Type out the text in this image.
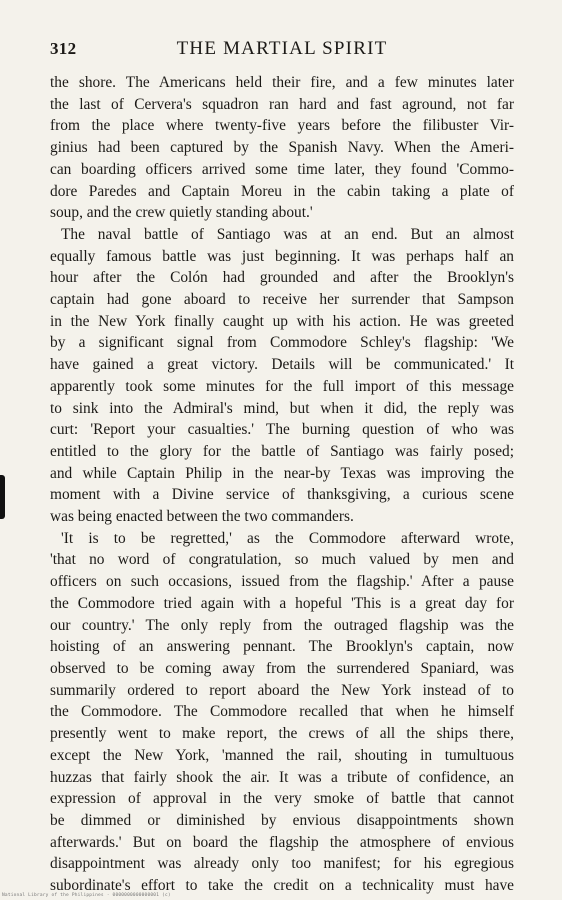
312	THE MARTIAL SPIRIT
the shore. The Americans held their fire, and a few minutes later
the last of Cervera's squadron ran hard and fast aground, not far
from the place where twenty-five years before the filibuster Vir-
ginius had been captured by the Spanish Navy. When the Ameri-
can boarding officers arrived some time later, they found 'Commo-
dore Paredes and Captain Moreu in the cabin taking a plate of
soup, and the crew quietly standing about.'
The naval battle of Santiago was at an end. But an almost
equally famous battle was just beginning. It was perhaps half an
hour after the Colón had grounded and after the Brooklyn's
captain had gone aboard to receive her surrender that Sampson
in the New York finally caught up with his action. He was greeted
by a significant signal from Commodore Schley's flagship: 'We
have gained a great victory. Details will be communicated.' It
apparently took some minutes for the full import of this message
to sink into the Admiral's mind, but when it did, the reply was
curt: 'Report your casualties.' The burning question of who was
entitled to the glory for the battle of Santiago was fairly posed;
and while Captain Philip in the near-by Texas was improving the
moment with a Divine service of thanksgiving, a curious scene
was being enacted between the two commanders.
'It is to be regretted,' as the Commodore afterward wrote,
'that no word of congratulation, so much valued by men and
officers on such occasions, issued from the flagship.' After a pause
the Commodore tried again with a hopeful 'This is a great day for
our country.' The only reply from the outraged flagship was the
hoisting of an answering pennant. The Brooklyn's captain, now
observed to be coming away from the surrendered Spaniard, was
summarily ordered to report aboard the New York instead of to
the Commodore. The Commodore recalled that when he himself
presently went to make report, the crews of all the ships there,
except the New York, 'manned the rail, shouting in tumultuous
huzzas that fairly shook the air. It was a tribute of confidence, an
expression of approval in the very smoke of battle that cannot
be dimmed or diminished by envious disappointments shown
afterwards.' But on board the flagship the atmosphere of envious
disappointment was already only too manifest; for his egregious
subordinate's effort to take the credit on a technicality must have
National Library of the Philippines · 0000000000000001 (c)
